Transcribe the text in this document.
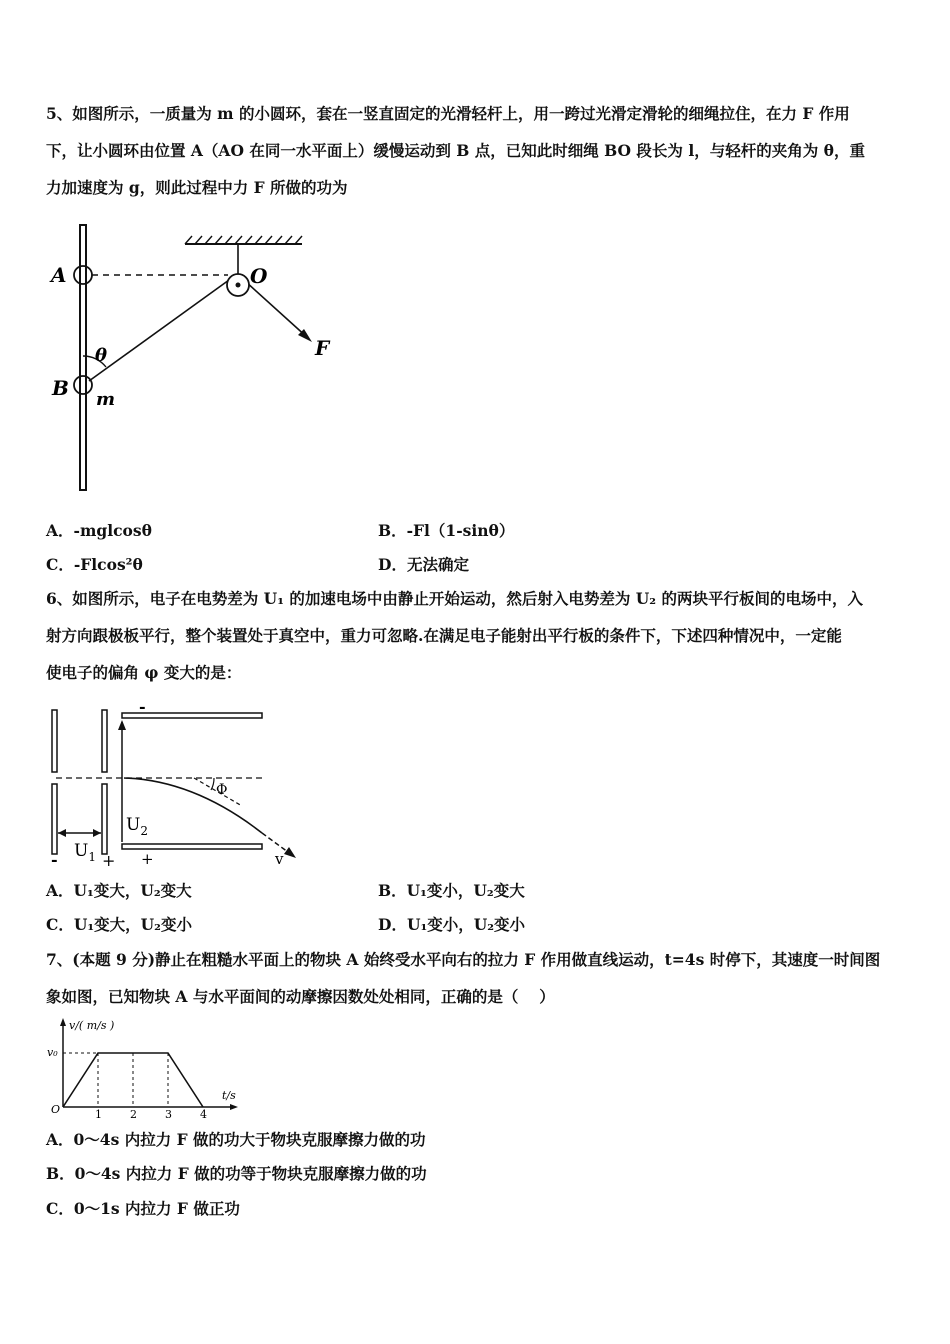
5、如图所示，一质量为 m 的小圆环，套在一竖直固定的光滑轻杆上，用一跨过光滑定滑轮的细绳拉住，在力 F 作用
下，让小圆环由位置 A（AO 在同一水平面上）缓慢运动到 B 点，已知此时细绳 BO 段长为 l，与轻杆的夹角为 θ，重
力加速度为 g，则此过程中力 F 所做的功为
A	O
F
θ
B m
A．-mglcosθ	B．-Fl（1-sinθ）
C．-Flcos²θ	D．无法确定
6、如图所示，电子在电势差为 U₁ 的加速电场中由静止开始运动，然后射入电势差为 U₂ 的两块平行板间的电场中，入
射方向跟极板平行，整个装置处于真空中，重力可忽略.在满足电子能射出平行板的条件下，下述四种情况中，一定能
使电子的偏角 φ 变大的是：
-	+
$U_1$
-
+
$U_2$
Φ
v
A．U₁变大，U₂变大	B．U₁变小，U₂变大
C．U₁变大，U₂变小	D．U₁变小，U₂变小
7、(本题 9 分)静止在粗糙水平面上的物块 A 始终受水平向右的拉力 F 作用做直线运动，t=4s 时停下，其速度一时间图
象如图，已知物块 A 与水平面间的动摩擦因数处处相同，正确的是（　 ）
v/( m/s )
t/s
v₀
O	1	2	3	4
A．0～4s 内拉力 F 做的功大于物块克服摩擦力做的功
B．0～4s 内拉力 F 做的功等于物块克服摩擦力做的功
C．0～1s 内拉力 F 做正功
